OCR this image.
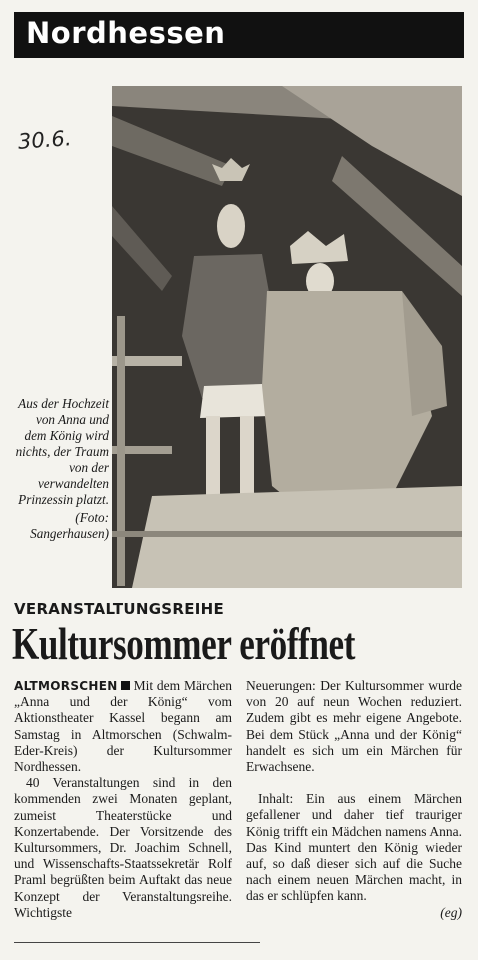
Nordhessen
30.6.
Aus der Hochzeit von Anna und dem König wird nichts, der Traum von der verwandelten Prinzessin platzt.
(Foto: Sangerhausen)
VERANSTALTUNGSREIHE
Kultursommer eröffnet

ALTMORSCHEN Mit dem Märchen „Anna und der König“ vom Aktionstheater Kassel begann am Samstag in Altmorschen (Schwalm-Eder-Kreis) der Kultursommer Nordhessen.

40 Veranstaltungen sind in den kommenden zwei Monaten geplant, zumeist Theaterstücke und Konzertabende. Der Vorsitzende des Kultursommers, Dr. Joachim Schnell, und Wissenschafts-Staatssekretär Rolf Praml begrüßten beim Auftakt das neue Konzept der Veranstaltungsreihe. Wichtigste

Neuerungen: Der Kultursommer wurde von 20 auf neun Wochen reduziert. Zudem gibt es mehr eigene Angebote. Bei dem Stück „Anna und der König“ handelt es sich um ein Märchen für Erwachsene.

Inhalt: Ein aus einem Märchen gefallener und daher tief trauriger König trifft ein Mädchen namens Anna. Das Kind muntert den König wieder auf, so daß dieser sich auf die Suche nach einem neuen Märchen macht, in das er schlüpfen kann.

(eg)
